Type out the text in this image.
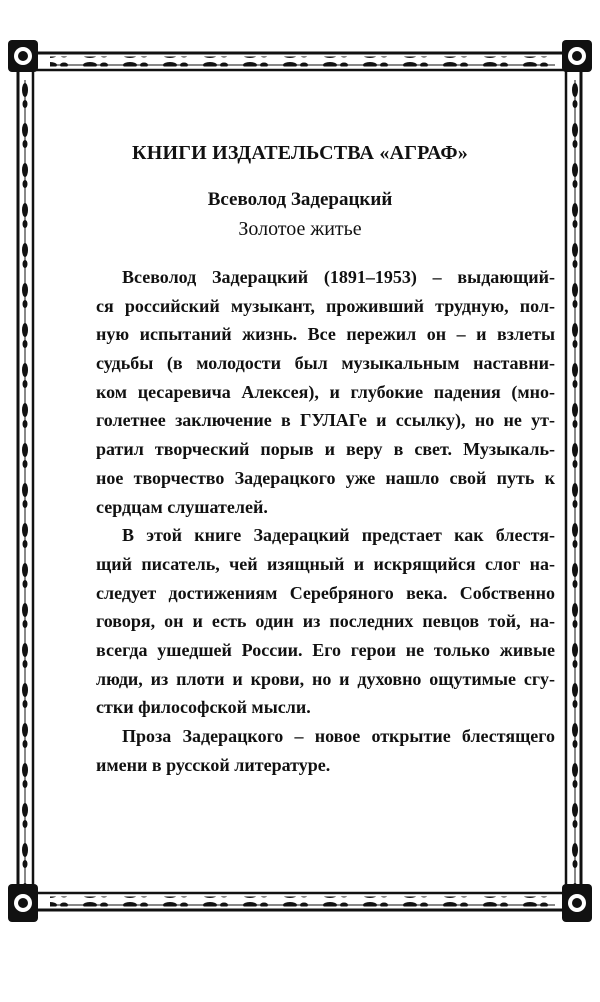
КНИГИ ИЗДАТЕЛЬСТВА «АГРАФ»
Всеволод Задерацкий
Золотое житье
Всеволод Задерацкий (1891–1953) – выдающий-
ся российский музыкант, проживший трудную, пол-
ную испытаний жизнь. Все пережил он – и взлеты
судьбы (в молодости был музыкальным наставни-
ком цесаревича Алексея), и глубокие падения (мно-
голетнее заключение в ГУЛАГе и ссылку), но не ут-
ратил творческий порыв и веру в свет. Музыкаль-
ное творчество Задерацкого уже нашло свой путь к
сердцам слушателей.
В этой книге Задерацкий предстает как блестя-
щий писатель, чей изящный и искрящийся слог на-
следует достижениям Серебряного века. Собственно
говоря, он и есть один из последних певцов той, на-
всегда ушедшей России. Его герои не только живые
люди, из плоти и крови, но и духовно ощутимые сгу-
стки философской мысли.
Проза Задерацкого – новое открытие блестящего
имени в русской литературе.
